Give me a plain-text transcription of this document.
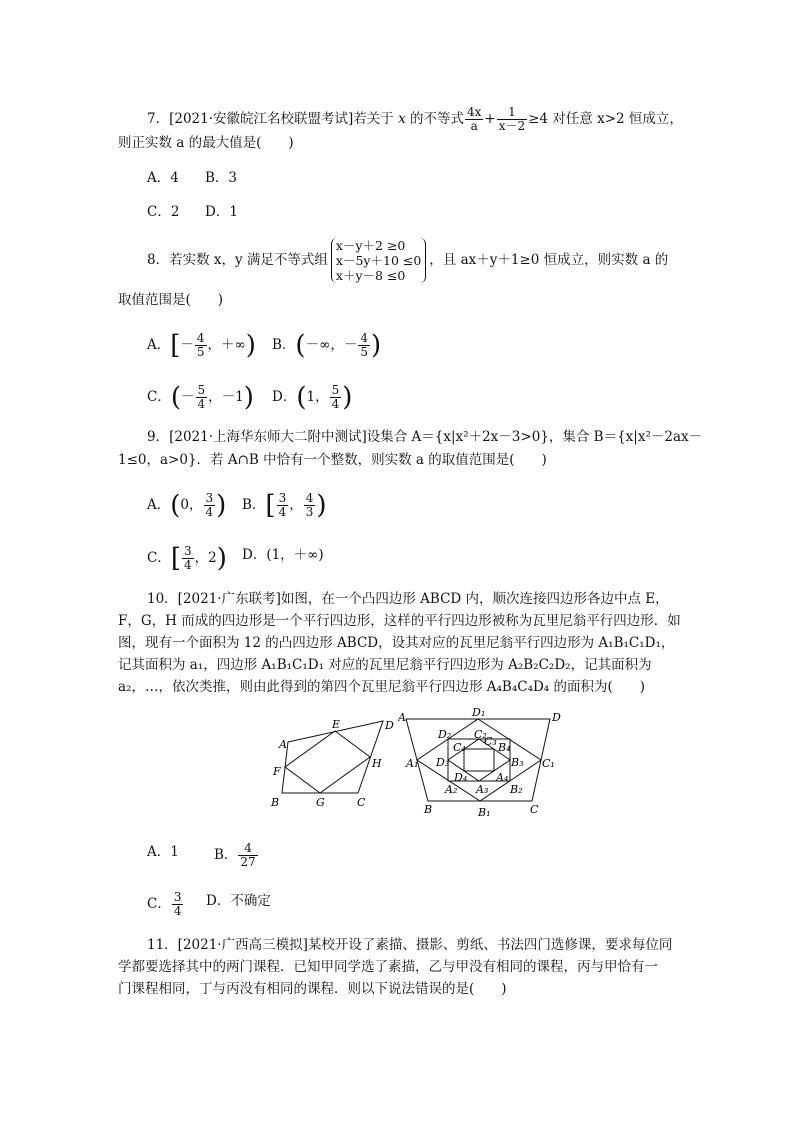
7．[2021·安徽皖江名校联盟考试]若关于 x 的不等式 $\frac{4x}{a} + \frac{1}{x-2} \ge 4$ 对任意 x>2 恒成立，
则正实数 a 的最大值是(　　)
A．4 B．3
C．2 D．1
8．若实数 x，y 满足不等式组
x－y＋2 ≥0
x－5y＋10 ≤0
x＋y－8 ≤0
，且 ax＋y＋1≥0 恒成立，则实数 a 的
取值范围是(　　)
A．[－ $\frac{4}{5}$ ，＋∞) B．(－∞，－ $\frac{4}{5}$ )
C．(－ $\frac{5}{4}$ ，－1) D．(1， $\frac{5}{4}$ )
9．[2021·上海华东师大二附中测试]设集合 A＝{x|x²＋2x－3>0}，集合 B＝{x|x²－2ax－
1≤0，a>0}．若 A∩B 中恰有一个整数，则实数 a 的取值范围是(　　)
A．(0， $\frac{3}{4}$ ) B．[ $\frac{3}{4}$ ， $\frac{4}{3}$ )
C．[ $\frac{3}{4}$ ，2) D．(1，＋∞)
10．[2021·广东联考]如图，在一个凸四边形 ABCD 内，顺次连接四边形各边中点 E，
F，G，H 而成的四边形是一个平行四边形，这样的平行四边形被称为瓦里尼翁平行四边形．如
图，现有一个面积为 12 的凸四边形 ABCD，设其对应的瓦里尼翁平行四边形为 A₁B₁C₁D₁，
记其面积为 a₁，四边形 A₁B₁C₁D₁ 对应的瓦里尼翁平行四边形为 A₂B₂C₂D₂，记其面积为
a₂，…，依次类推，则由此得到的第四个瓦里尼翁平行四边形 A₄B₄C₄D₄ 的面积为(　　)
A
E	D
F
H
B	G	C
A	D₁	D
D₂ C₂
C₄ C₃ B₄
A₁ D₃	B₃ C₁
D₄	A₄
A₂ A₃ B₂
B	B₁	C
A．1	B． $\frac{4}{27}$
C． $\frac{3}{4}$ D．不确定
11．[2021·广西高三模拟]某校开设了素描、摄影、剪纸、书法四门选修课，要求每位同
学都要选择其中的两门课程．已知甲同学选了素描，乙与甲没有相同的课程，丙与甲恰有一
门课程相同，丁与丙没有相同的课程．则以下说法错误的是(　　)
